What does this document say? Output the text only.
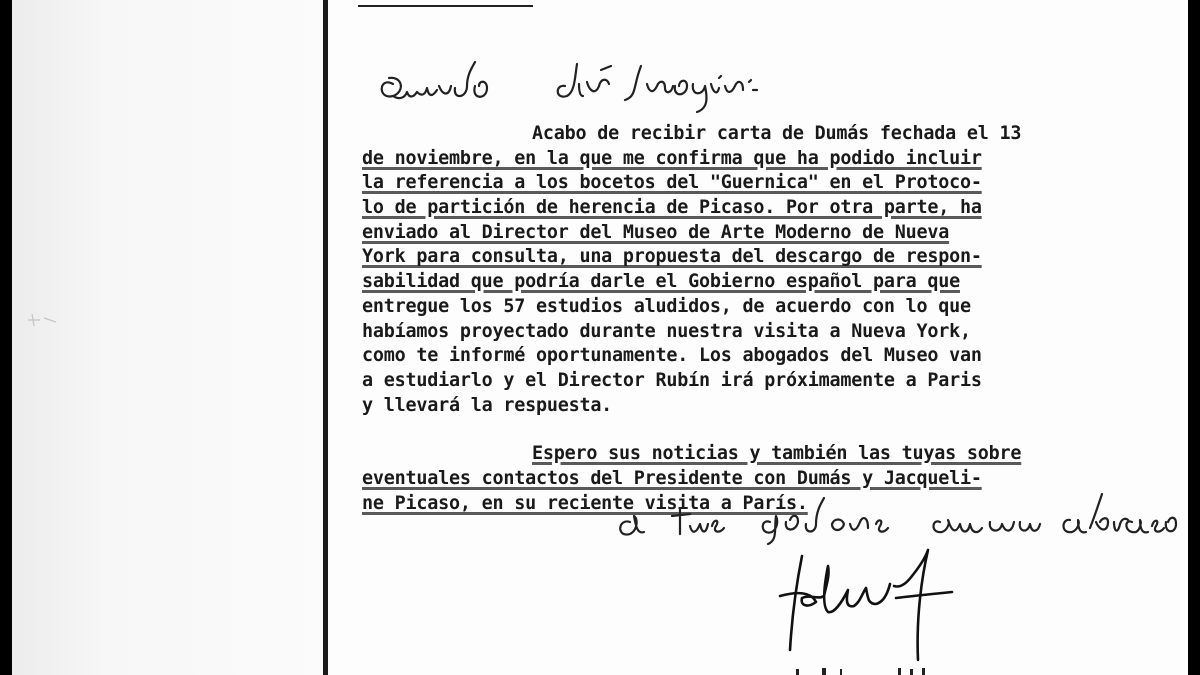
Acabo de recibir carta de Dumás fechada el 13
de noviembre, en la que me confirma que ha podido incluir
la referencia a los bocetos del "Guernica" en el Protoco-
lo de partición de herencia de Picaso. Por otra parte, ha
enviado al Director del Museo de Arte Moderno de Nueva
York para consulta, una propuesta del descargo de respon-
sabilidad que podría darle el Gobierno español para que
entregue los 57 estudios aludidos, de acuerdo con lo que
habíamos proyectado durante nuestra visita a Nueva York,
como te informé oportunamente. Los abogados del Museo van
a estudiarlo y el Director Rubín irá próximamente a Paris
y llevará la respuesta.
Espero sus noticias y también las tuyas sobre
eventuales contactos del Presidente con Dumás y Jacqueli-
ne Picaso, en su reciente visita a París.
